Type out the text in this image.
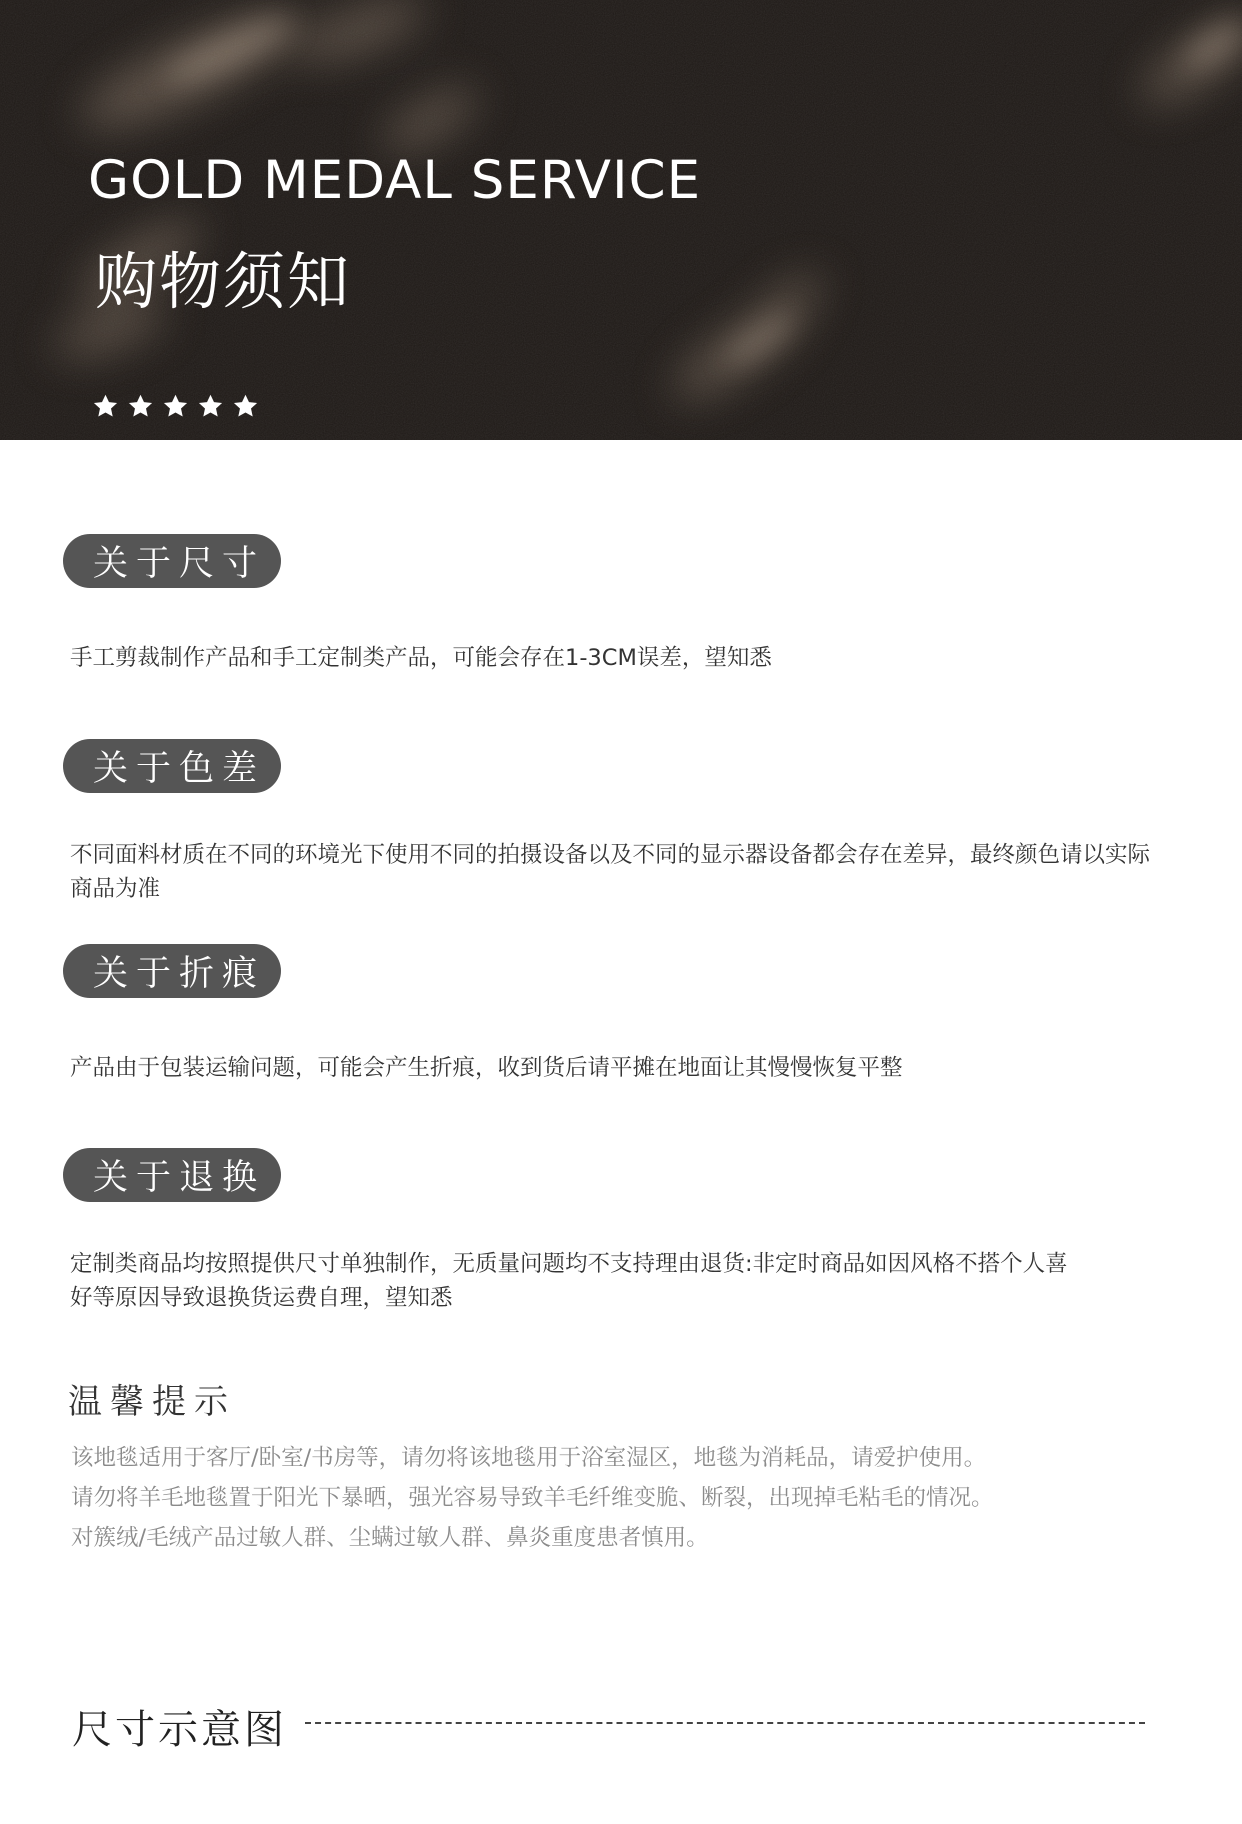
GOLD MEDAL SERVICE
购物须知
关于尺寸
手工剪裁制作产品和手工定制类产品，可能会存在1-3CM误差，望知悉
关于色差
不同面料材质在不同的环境光下使用不同的拍摄设备以及不同的显示器设备都会存在差异，最终颜色请以实际商品为准
关于折痕
产品由于包装运输问题，可能会产生折痕，收到货后请平摊在地面让其慢慢恢复平整
关于退换
定制类商品均按照提供尺寸单独制作，无质量问题均不支持理由退货:非定时商品如因风格不搭个人喜好等原因导致退换货运费自理，望知悉
温馨提示
该地毯适用于客厅/卧室/书房等，请勿将该地毯用于浴室湿区，地毯为消耗品，请爱护使用。
请勿将羊毛地毯置于阳光下暴晒，强光容易导致羊毛纤维变脆、断裂，出现掉毛粘毛的情况。
对簇绒/毛绒产品过敏人群、尘螨过敏人群、鼻炎重度患者慎用。
尺寸示意图
